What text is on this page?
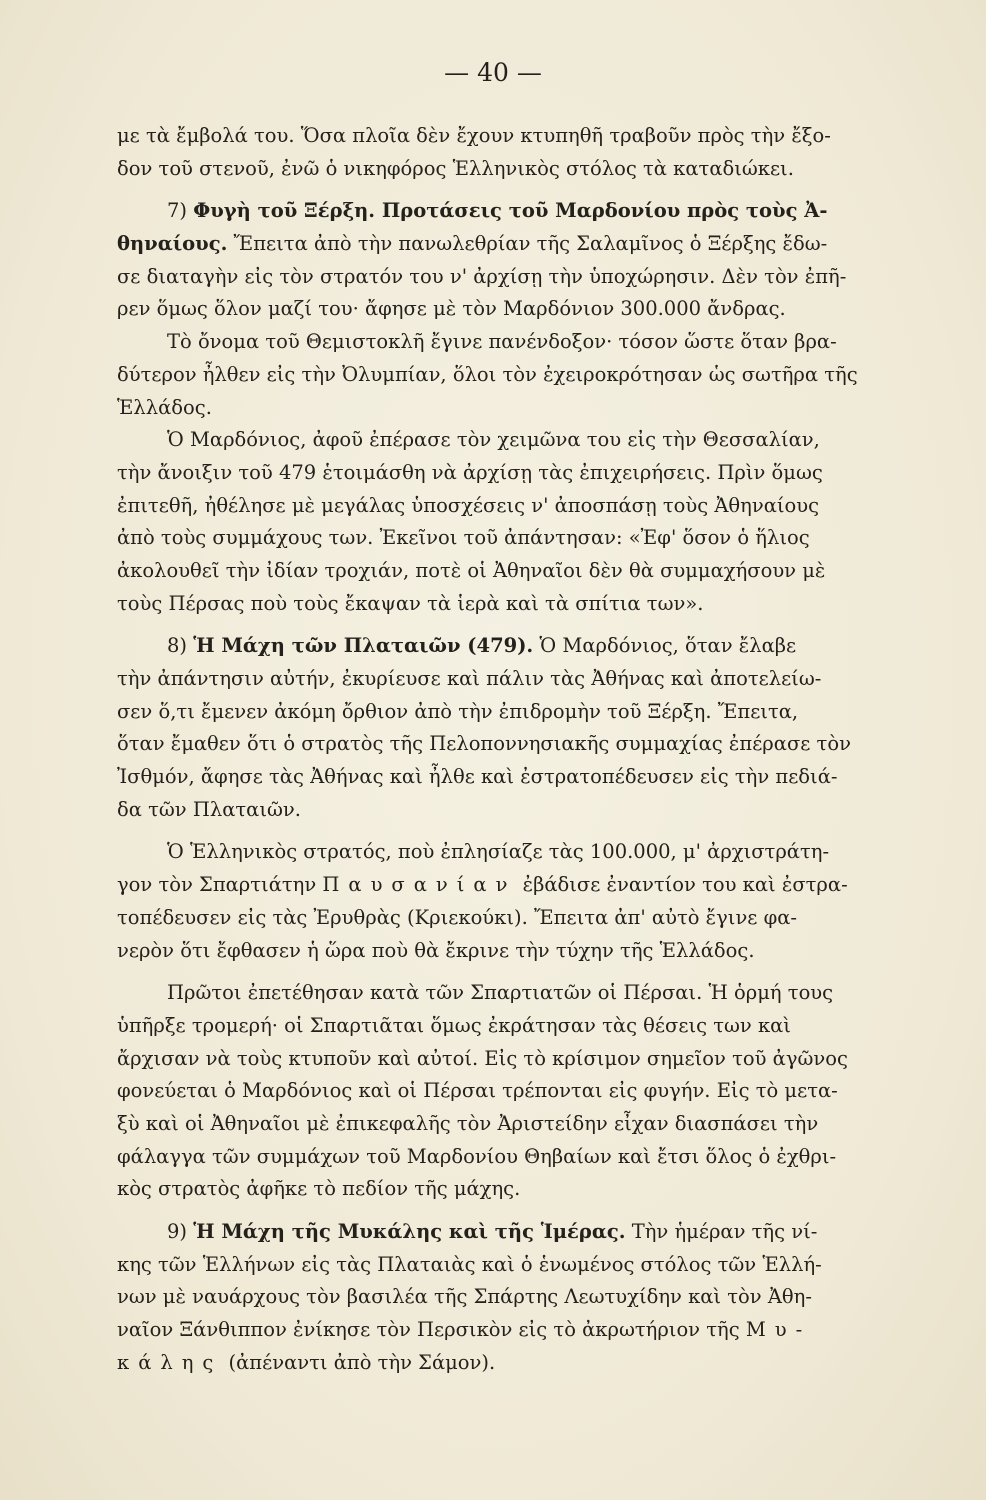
— 40 —
με τὰ ἔμβολά του. Ὅσα πλοῖα δὲν ἔχουν κτυπηθῆ τραβοῦν πρὸς τὴν ἔξο-
δον τοῦ στενοῦ, ἐνῶ ὁ νικηφόρος Ἑλληνικὸς στόλος τὰ καταδιώκει.
7) Φυγὴ τοῦ Ξέρξη. Προτάσεις τοῦ Μαρδονίου πρὸς τοὺς Ἀ-
θηναίους. Ἔπειτα ἀπὸ τὴν πανωλεθρίαν τῆς Σαλαμῖνος ὁ Ξέρξης ἔδω-
σε διαταγὴν εἰς τὸν στρατόν του ν' ἀρχίσῃ τὴν ὑποχώρησιν. Δὲν τὸν ἐπῆ-
ρεν ὅμως ὅλον μαζί του· ἄφησε μὲ τὸν Μαρδόνιον 300.000 ἄνδρας.
Τὸ ὄνομα τοῦ Θεμιστοκλῆ ἔγινε πανένδοξον· τόσον ὥστε ὅταν βρα-
δύτερον ἦλθεν εἰς τὴν Ὀλυμπίαν, ὅλοι τὸν ἐχειροκρότησαν ὡς σωτῆρα τῆς
Ἑλλάδος.
Ὁ Μαρδόνιος, ἀφοῦ ἐπέρασε τὸν χειμῶνα του εἰς τὴν Θεσσαλίαν,
τὴν ἄνοιξιν τοῦ 479 ἑτοιμάσθη νὰ ἀρχίσῃ τὰς ἐπιχειρήσεις. Πρὶν ὅμως
ἐπιτεθῆ, ἠθέλησε μὲ μεγάλας ὑποσχέσεις ν' ἀποσπάσῃ τοὺς Ἀθηναίους
ἀπὸ τοὺς συμμάχους των. Ἐκεῖνοι τοῦ ἀπάντησαν: «Ἐφ' ὅσον ὁ ἥλιος
ἀκολουθεῖ τὴν ἰδίαν τροχιάν, ποτὲ οἱ Ἀθηναῖοι δὲν θὰ συμμαχήσουν μὲ
τοὺς Πέρσας ποὺ τοὺς ἔκαψαν τὰ ἱερὰ καὶ τὰ σπίτια των».
8) Ἡ Μάχη τῶν Πλαταιῶν (479). Ὁ Μαρδόνιος, ὅταν ἔλαβε
τὴν ἀπάντησιν αὐτήν, ἐκυρίευσε καὶ πάλιν τὰς Ἀθήνας καὶ ἀποτελείω-
σεν ὅ,τι ἔμενεν ἀκόμη ὄρθιον ἀπὸ τὴν ἐπιδρομὴν τοῦ Ξέρξη. Ἔπειτα,
ὅταν ἔμαθεν ὅτι ὁ στρατὸς τῆς Πελοποννησιακῆς συμμαχίας ἐπέρασε τὸν
Ἰσθμόν, ἄφησε τὰς Ἀθήνας καὶ ἦλθε καὶ ἐστρατοπέδευσεν εἰς τὴν πεδιά-
δα τῶν Πλαταιῶν.
Ὁ Ἑλληνικὸς στρατός, ποὺ ἐπλησίαζε τὰς 100.000, μ' ἀρχιστράτη-
γον τὸν Σπαρτιάτην Παυσανίαν ἐβάδισε ἐναντίον του καὶ ἐστρα-
τοπέδευσεν εἰς τὰς Ἐρυθρὰς (Κριεκούκι). Ἔπειτα ἀπ' αὐτὸ ἔγινε φα-
νερὸν ὅτι ἔφθασεν ἡ ὥρα ποὺ θὰ ἔκρινε τὴν τύχην τῆς Ἑλλάδος.
Πρῶτοι ἐπετέθησαν κατὰ τῶν Σπαρτιατῶν οἱ Πέρσαι. Ἡ ὁρμή τους
ὑπῆρξε τρομερή· οἱ Σπαρτιᾶται ὅμως ἐκράτησαν τὰς θέσεις των καὶ
ἄρχισαν νὰ τοὺς κτυποῦν καὶ αὐτοί. Εἰς τὸ κρίσιμον σημεῖον τοῦ ἀγῶνος
φονεύεται ὁ Μαρδόνιος καὶ οἱ Πέρσαι τρέπονται εἰς φυγήν. Εἰς τὸ μετα-
ξὺ καὶ οἱ Ἀθηναῖοι μὲ ἐπικεφαλῆς τὸν Ἀριστείδην εἶχαν διασπάσει τὴν
φάλαγγα τῶν συμμάχων τοῦ Μαρδονίου Θηβαίων καὶ ἔτσι ὅλος ὁ ἐχθρι-
κὸς στρατὸς ἀφῆκε τὸ πεδίον τῆς μάχης.
9) Ἡ Μάχη τῆς Μυκάλης καὶ τῆς Ἱμέρας. Τὴν ἡμέραν τῆς νί-
κης τῶν Ἑλλήνων εἰς τὰς Πλαταιὰς καὶ ὁ ἑνωμένος στόλος τῶν Ἑλλή-
νων μὲ ναυάρχους τὸν βασιλέα τῆς Σπάρτης Λεωτυχίδην καὶ τὸν Ἀθη-
ναῖον Ξάνθιππον ἐνίκησε τὸν Περσικὸν εἰς τὸ ἀκρωτήριον τῆς Μυ-
κάλης (ἀπέναντι ἀπὸ τὴν Σάμον).
